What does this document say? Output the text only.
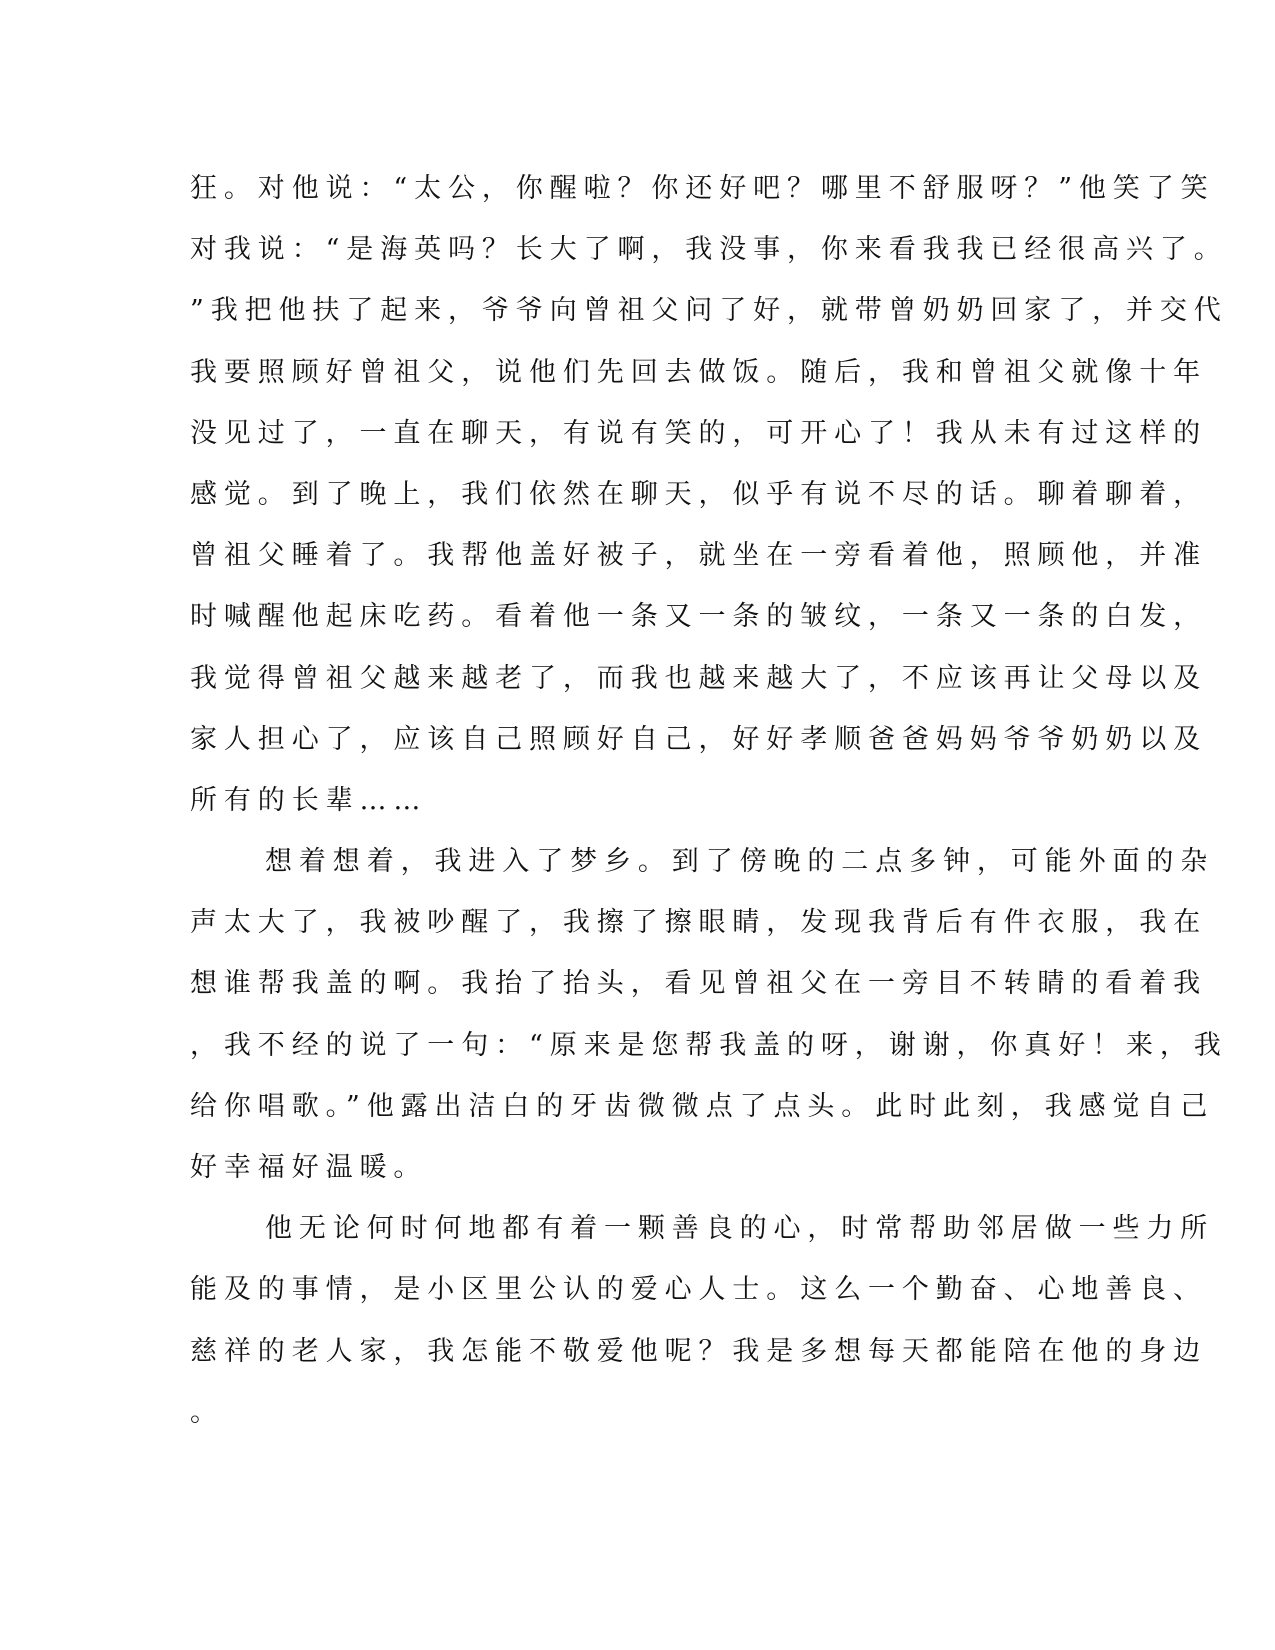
狂。对他说：“太公，你醒啦？你还好吧？哪里不舒服呀？”他笑了笑
对我说：“是海英吗？长大了啊，我没事，你来看我我已经很高兴了。
”我把他扶了起来，爷爷向曾祖父问了好，就带曾奶奶回家了，并交代
我要照顾好曾祖父，说他们先回去做饭。随后，我和曾祖父就像十年
没见过了，一直在聊天，有说有笑的，可开心了！我从未有过这样的
感觉。到了晚上，我们依然在聊天，似乎有说不尽的话。聊着聊着，
曾祖父睡着了。我帮他盖好被子，就坐在一旁看着他，照顾他，并准
时喊醒他起床吃药。看着他一条又一条的皱纹，一条又一条的白发，
我觉得曾祖父越来越老了，而我也越来越大了，不应该再让父母以及
家人担心了，应该自己照顾好自己，好好孝顺爸爸妈妈爷爷奶奶以及
所有的长辈……
想着想着，我进入了梦乡。到了傍晚的二点多钟，可能外面的杂
声太大了，我被吵醒了，我擦了擦眼睛，发现我背后有件衣服，我在
想谁帮我盖的啊。我抬了抬头，看见曾祖父在一旁目不转睛的看着我
，我不经的说了一句：“原来是您帮我盖的呀，谢谢，你真好！来，我
给你唱歌。”他露出洁白的牙齿微微点了点头。此时此刻，我感觉自己
好幸福好温暖。
他无论何时何地都有着一颗善良的心，时常帮助邻居做一些力所
能及的事情，是小区里公认的爱心人士。这么一个勤奋、心地善良、
慈祥的老人家，我怎能不敬爱他呢？我是多想每天都能陪在他的身边
。
